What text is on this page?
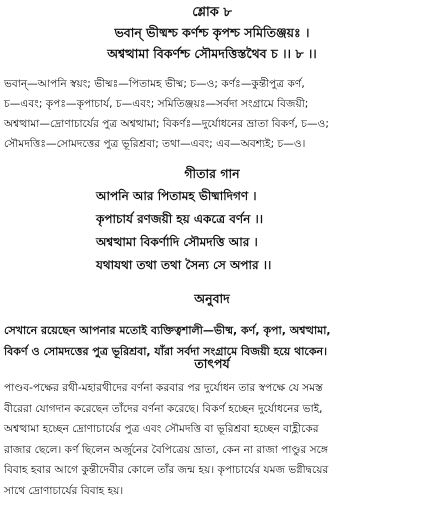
শ্লোক ৮
ভবান্ ভীষ্মশ্চ কর্ণশ্চ কৃপশ্চ সমিতিঞ্জয়ঃ ।
অশ্বত্থামা বিকর্ণশ্চ সৌমদত্তিস্তথৈব চ ।। ৮ ।।
ভবান্—আপনি স্বয়ং; ভীষ্মঃ—পিতামহ ভীষ্ম; চ—ও; কর্ণঃ—কুন্তীপুত্র কর্ণ,
চ—এবং; কৃপঃ—কৃপাচার্য, চ—এবং; সমিতিঞ্জয়ঃ—সর্বদা সংগ্রামে বিজয়ী;
অশ্বত্থামা—দ্রোণাচার্যের পুত্র অশ্বত্থামা; বিকর্ণঃ—দুর্যোধনের ভ্রাতা বিকর্ণ, চ—ও;
সৌমদত্তিঃ—সোমদত্তের পুত্র ভূরিশ্রবা; তথা—এবং; এব—অবশ্যই; চ—ও।
গীতার গান
আপনি আর পিতামহ ভীষ্মাদিগণ ।
কৃপাচার্য রণজয়ী হয় একত্রে বর্ণন ।।
অশ্বত্থামা বিকর্ণাদি সৌমদত্তি আর ।
যথাযথা তথা তথা সৈন্য সে অপার ।।
অনুবাদ
সেখানে রয়েছেন আপনার মতোই ব্যক্তিত্বশালী—ভীষ্ম, কর্ণ, কৃপা, অশ্বত্থামা,
বিকর্ণ ও সোমদত্তের পুত্র ভূরিশ্রবা, যাঁরা সর্বদা সংগ্রামে বিজয়ী হয়ে থাকেন।
তাৎপর্য
পাণ্ডব-পক্ষের রথী-মহারথীদের বর্ণনা করবার পর দুর্যোধন তার স্বপক্ষে যে সমস্ত
বীরেরা যোগদান করেছেন তাঁদের বর্ণনা করেছে। বিকর্ণ হচ্ছেন দুর্যোধনের ভাই,
অশ্বত্থামা হচ্ছেন দ্রোণাচার্যের পুত্র এবং সৌমদত্তি বা ভূরিশ্রবা হচ্ছেন বাহ্লীকের
রাজার ছেলে। কর্ণ ছিলেন অর্জুনের বৈপিত্রেয় ভ্রাতা, কেন না রাজা পাণ্ডুর সঙ্গে
বিবাহ হবার আগে কুন্তীদেবীর কোলে তাঁর জন্ম হয়। কৃপাচার্যের যমজ ভগ্নীদ্বয়ের
সাথে দ্রোণাচার্যের বিবাহ হয়।
